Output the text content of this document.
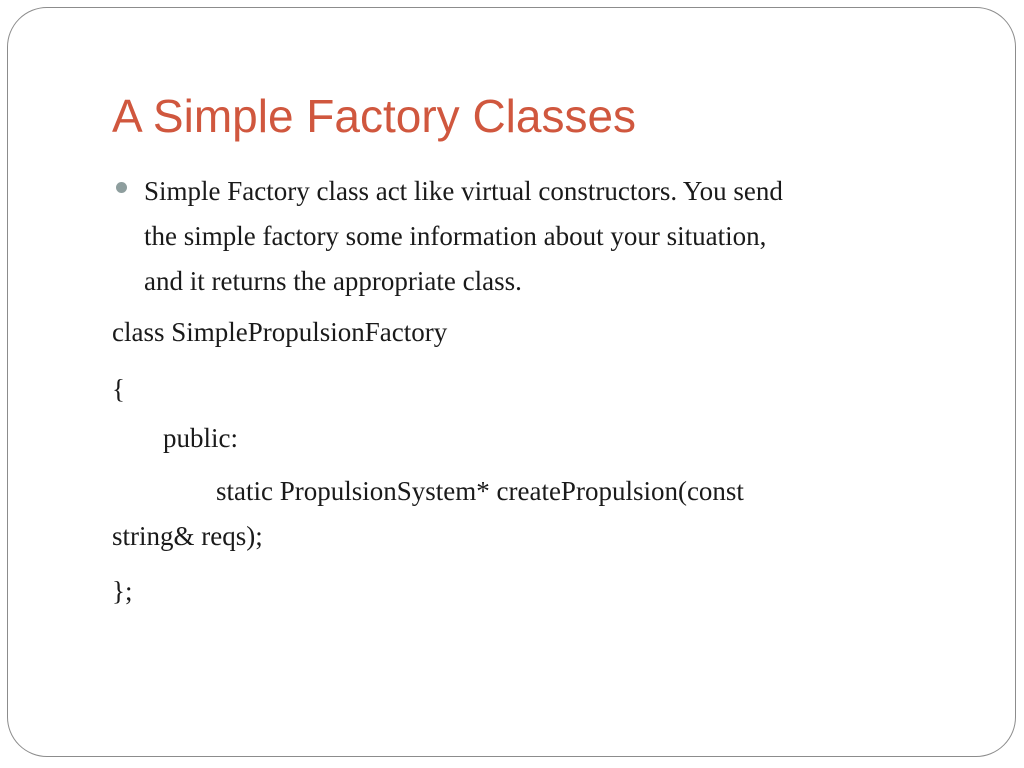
A Simple Factory Classes
Simple Factory class act like virtual constructors. You send
the simple factory some information about your situation,
and it returns the appropriate class.
class SimplePropulsionFactory
{
public:
static PropulsionSystem* createPropulsion(const
string& reqs);
};
